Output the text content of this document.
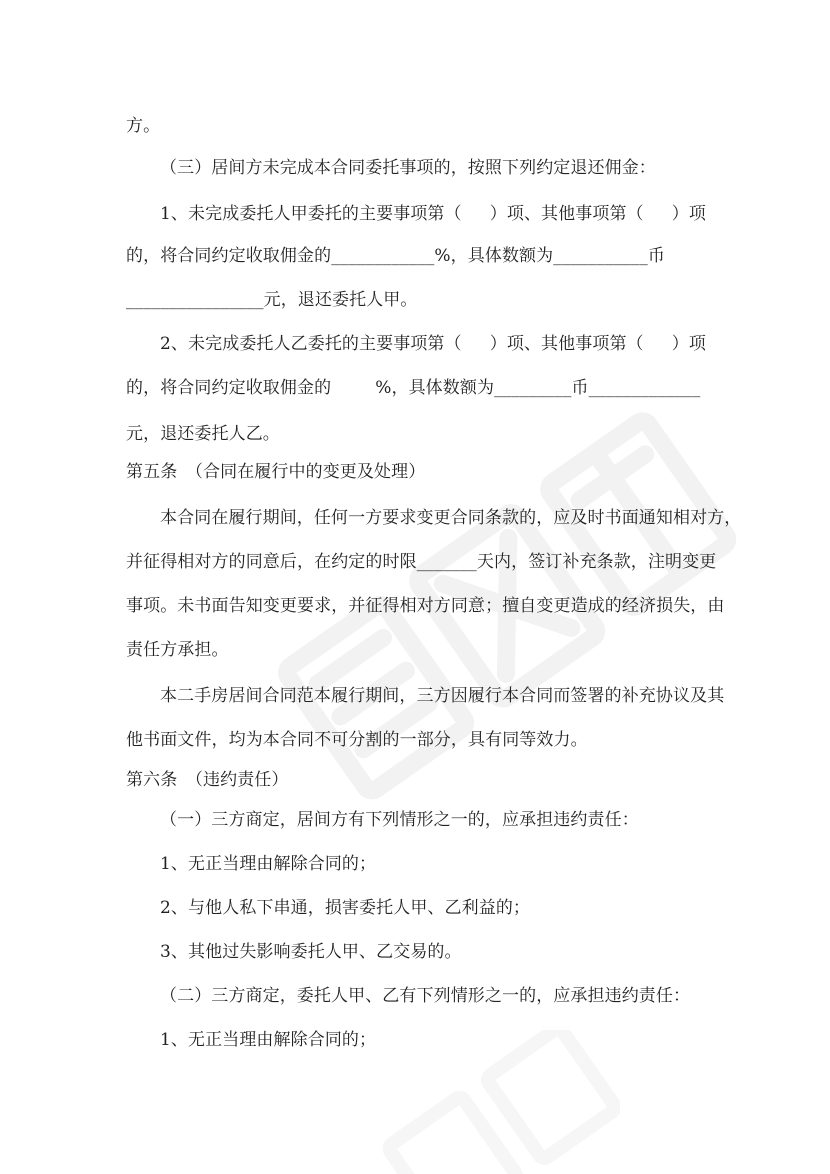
方。
（三）居间方未完成本合同委托事项的，按照下列约定退还佣金：
1、未完成委托人甲委托的主要事项第（ ）项、其他事项第（ ）项
的，将合同约定收取佣金的____________%，具体数额为___________币
________________元，退还委托人甲。
2、未完成委托人乙委托的主要事项第（ ）项、其他事项第（ ）项
的，将合同约定收取佣金的        %，具体数额为_________币_____________
元，退还委托人乙。
第五条　（合同在履行中的变更及处理）
本合同在履行期间，任何一方要求变更合同条款的，应及时书面通知相对方，
并征得相对方的同意后，在约定的时限_______天内，签订补充条款，注明变更
事项。未书面告知变更要求，并征得相对方同意；擅自变更造成的经济损失，由
责任方承担。
本二手房居间合同范本履行期间，三方因履行本合同而签署的补充协议及其
他书面文件，均为本合同不可分割的一部分，具有同等效力。
第六条　（违约责任）
（一）三方商定，居间方有下列情形之一的，应承担违约责任：
1、无正当理由解除合同的；
2、与他人私下串通，损害委托人甲、乙利益的；
3、其他过失影响委托人甲、乙交易的。
（二）三方商定，委托人甲、乙有下列情形之一的，应承担违约责任：
1、无正当理由解除合同的；
